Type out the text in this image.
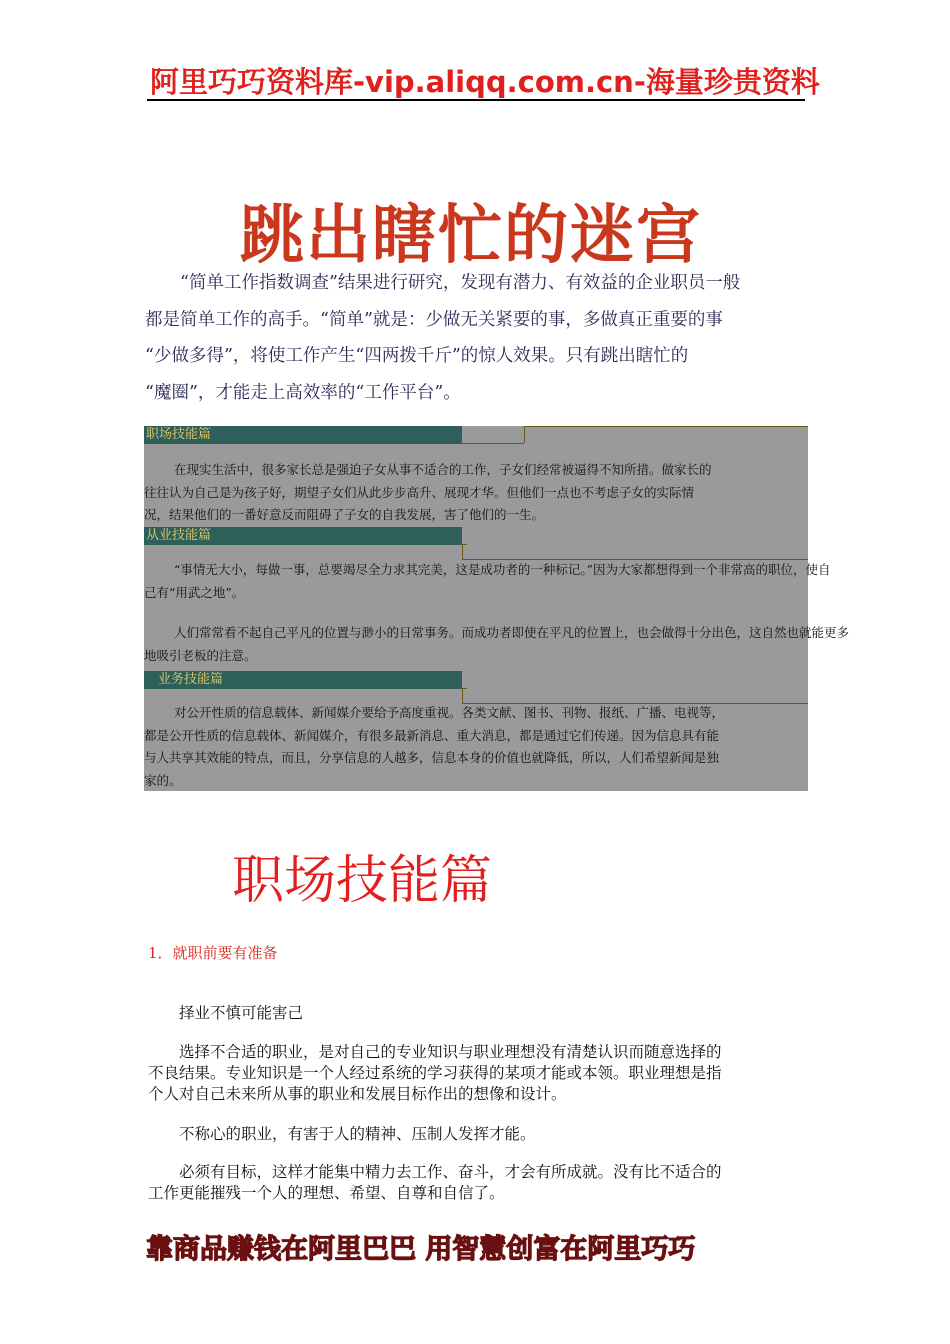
阿里巧巧资料库-vip.aliqq.com.cn-海量珍贵资料
跳出瞎忙的迷宫
“简单工作指数调查”结果进行研究，发现有潜力、有效益的企业职员一般
都是简单工作的高手。“简单”就是：少做无关紧要的事，多做真正重要的事
“少做多得”，将使工作产生“四两拨千斤”的惊人效果。只有跳出瞎忙的
“魔圈”，才能走上高效率的“工作平台”。
职场技能篇
在现实生活中，很多家长总是强迫子女从事不适合的工作，子女们经常被逼得不知所措。做家长的
往往认为自己是为孩子好，期望子女们从此步步高升、展现才华。但他们一点也不考虑子女的实际情
况，结果他们的一番好意反而阻碍了子女的自我发展，害了他们的一生。
从业技能篇
“事情无大小，每做一事，总要竭尽全力求其完美，这是成功者的一种标记。”因为大家都想得到一个非常高的职位，使自
己有“用武之地”。
人们常常看不起自己平凡的位置与渺小的日常事务。而成功者即使在平凡的位置上，也会做得十分出色，这自然也就能更多
地吸引老板的注意。
业务技能篇
对公开性质的信息载体、新闻媒介要给予高度重视。各类文献、图书、刊物、报纸、广播、电视等，
都是公开性质的信息载体、新闻媒介，有很多最新消息、重大消息，都是通过它们传递。因为信息具有能
与人共享其效能的特点，而且，分享信息的人越多，信息本身的价值也就降低，所以，人们希望新闻是独
家的。
职场技能篇
1．就职前要有准备
择业不慎可能害己
选择不合适的职业，是对自己的专业知识与职业理想没有清楚认识而随意选择的
不良结果。专业知识是一个人经过系统的学习获得的某项才能或本领。职业理想是指
个人对自己未来所从事的职业和发展目标作出的想像和设计。
不称心的职业，有害于人的精神、压制人发挥才能。
必须有目标，这样才能集中精力去工作、奋斗，才会有所成就。没有比不适合的
工作更能摧残一个人的理想、希望、自尊和自信了。
靠商品赚钱在阿里巴巴 用智慧创富在阿里巧巧
